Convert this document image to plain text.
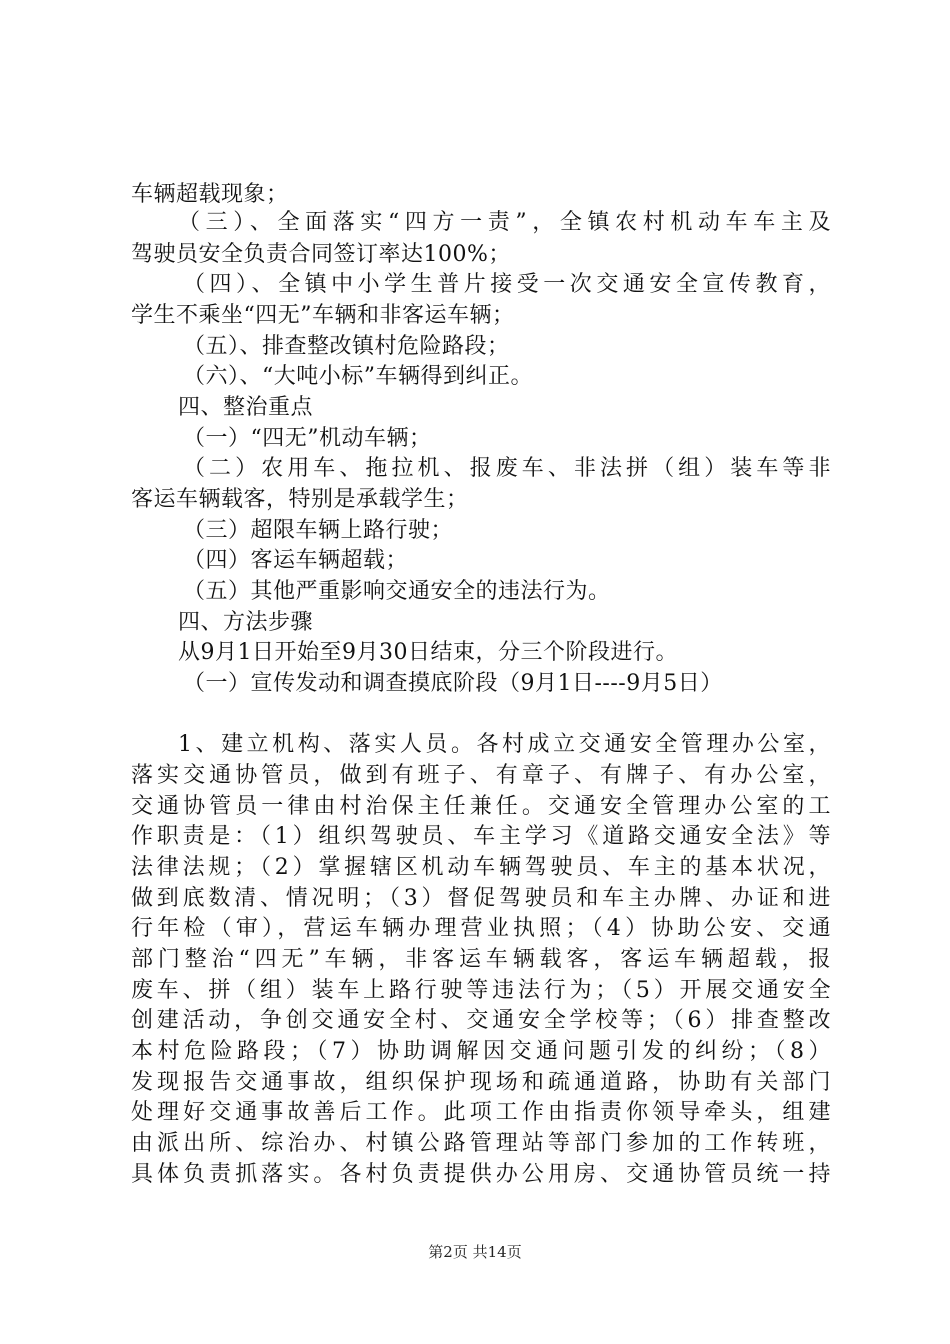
车辆超载现象；
（三）、全面落实“四方一责”，全镇农村机动车车主及
驾驶员安全负责合同签订率达100%；
（四）、全镇中小学生普片接受一次交通安全宣传教育，
学生不乘坐“四无”车辆和非客运车辆；
（五）、排查整改镇村危险路段；
（六）、“大吨小标”车辆得到纠正。
四、整治重点
（一）“四无”机动车辆；
（二）农用车、拖拉机、报废车、非法拼（组）装车等非
客运车辆载客，特别是承载学生；
（三）超限车辆上路行驶；
（四）客运车辆超载；
（五）其他严重影响交通安全的违法行为。
四、方法步骤
从9月1日开始至9月30日结束，分三个阶段进行。
（一）宣传发动和调查摸底阶段（9月1日----9月5日）
1、建立机构、落实人员。各村成立交通安全管理办公室，
落实交通协管员，做到有班子、有章子、有牌子、有办公室，
交通协管员一律由村治保主任兼任。交通安全管理办公室的工
作职责是：（1）组织驾驶员、车主学习《道路交通安全法》等
法律法规；（2）掌握辖区机动车辆驾驶员、车主的基本状况，
做到底数清、情况明；（3）督促驾驶员和车主办牌、办证和进
行年检（审），营运车辆办理营业执照；（4）协助公安、交通
部门整治“四无”车辆，非客运车辆载客，客运车辆超载，报
废车、拼（组）装车上路行驶等违法行为；（5）开展交通安全
创建活动，争创交通安全村、交通安全学校等；（6）排查整改
本村危险路段；（7）协助调解因交通问题引发的纠纷；（8）
发现报告交通事故，组织保护现场和疏通道路，协助有关部门
处理好交通事故善后工作。此项工作由指责你领导牵头，组建
由派出所、综治办、村镇公路管理站等部门参加的工作转班，
具体负责抓落实。各村负责提供办公用房、交通协管员统一持
第2页 共14页
